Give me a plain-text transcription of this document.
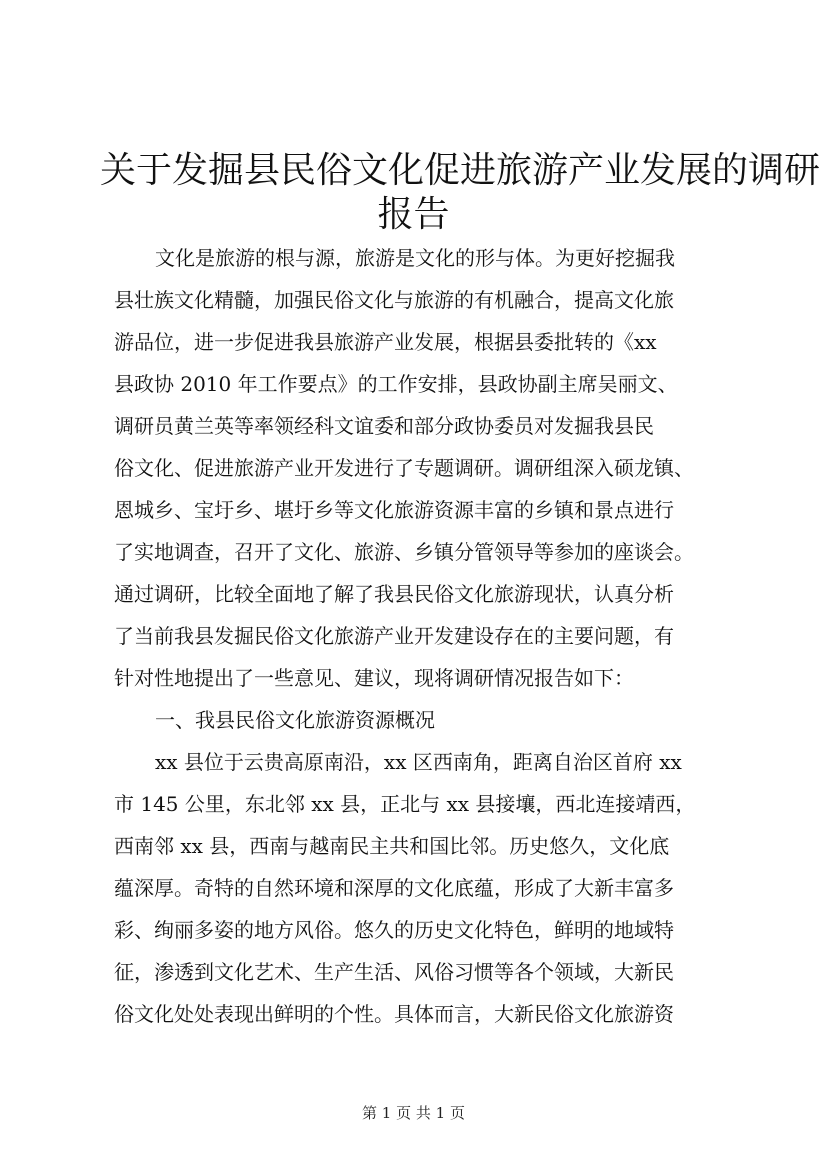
关于发掘县民俗文化促进旅游产业发展的调研
报告
文化是旅游的根与源，旅游是文化的形与体。为更好挖掘我
县壮族文化精髓，加强民俗文化与旅游的有机融合，提高文化旅
游品位，进一步促进我县旅游产业发展，根据县委批转的《xx
县政协 2010 年工作要点》的工作安排，县政协副主席吴丽文、
调研员黄兰英等率领经科文谊委和部分政协委员对发掘我县民
俗文化、促进旅游产业开发进行了专题调研。调研组深入硕龙镇、
恩城乡、宝圩乡、堪圩乡等文化旅游资源丰富的乡镇和景点进行
了实地调查，召开了文化、旅游、乡镇分管领导等参加的座谈会。
通过调研，比较全面地了解了我县民俗文化旅游现状，认真分析
了当前我县发掘民俗文化旅游产业开发建设存在的主要问题，有
针对性地提出了一些意见、建议，现将调研情况报告如下：
一、我县民俗文化旅游资源概况
xx 县位于云贵高原南沿，xx 区西南角，距离自治区首府 xx
市 145 公里，东北邻 xx 县，正北与 xx 县接壤，西北连接靖西，
西南邻 xx 县，西南与越南民主共和国比邻。历史悠久，文化底
蕴深厚。奇特的自然环境和深厚的文化底蕴，形成了大新丰富多
彩、绚丽多姿的地方风俗。悠久的历史文化特色，鲜明的地域特
征，渗透到文化艺术、生产生活、风俗习惯等各个领域，大新民
俗文化处处表现出鲜明的个性。具体而言，大新民俗文化旅游资
第 1 页 共 1 页
